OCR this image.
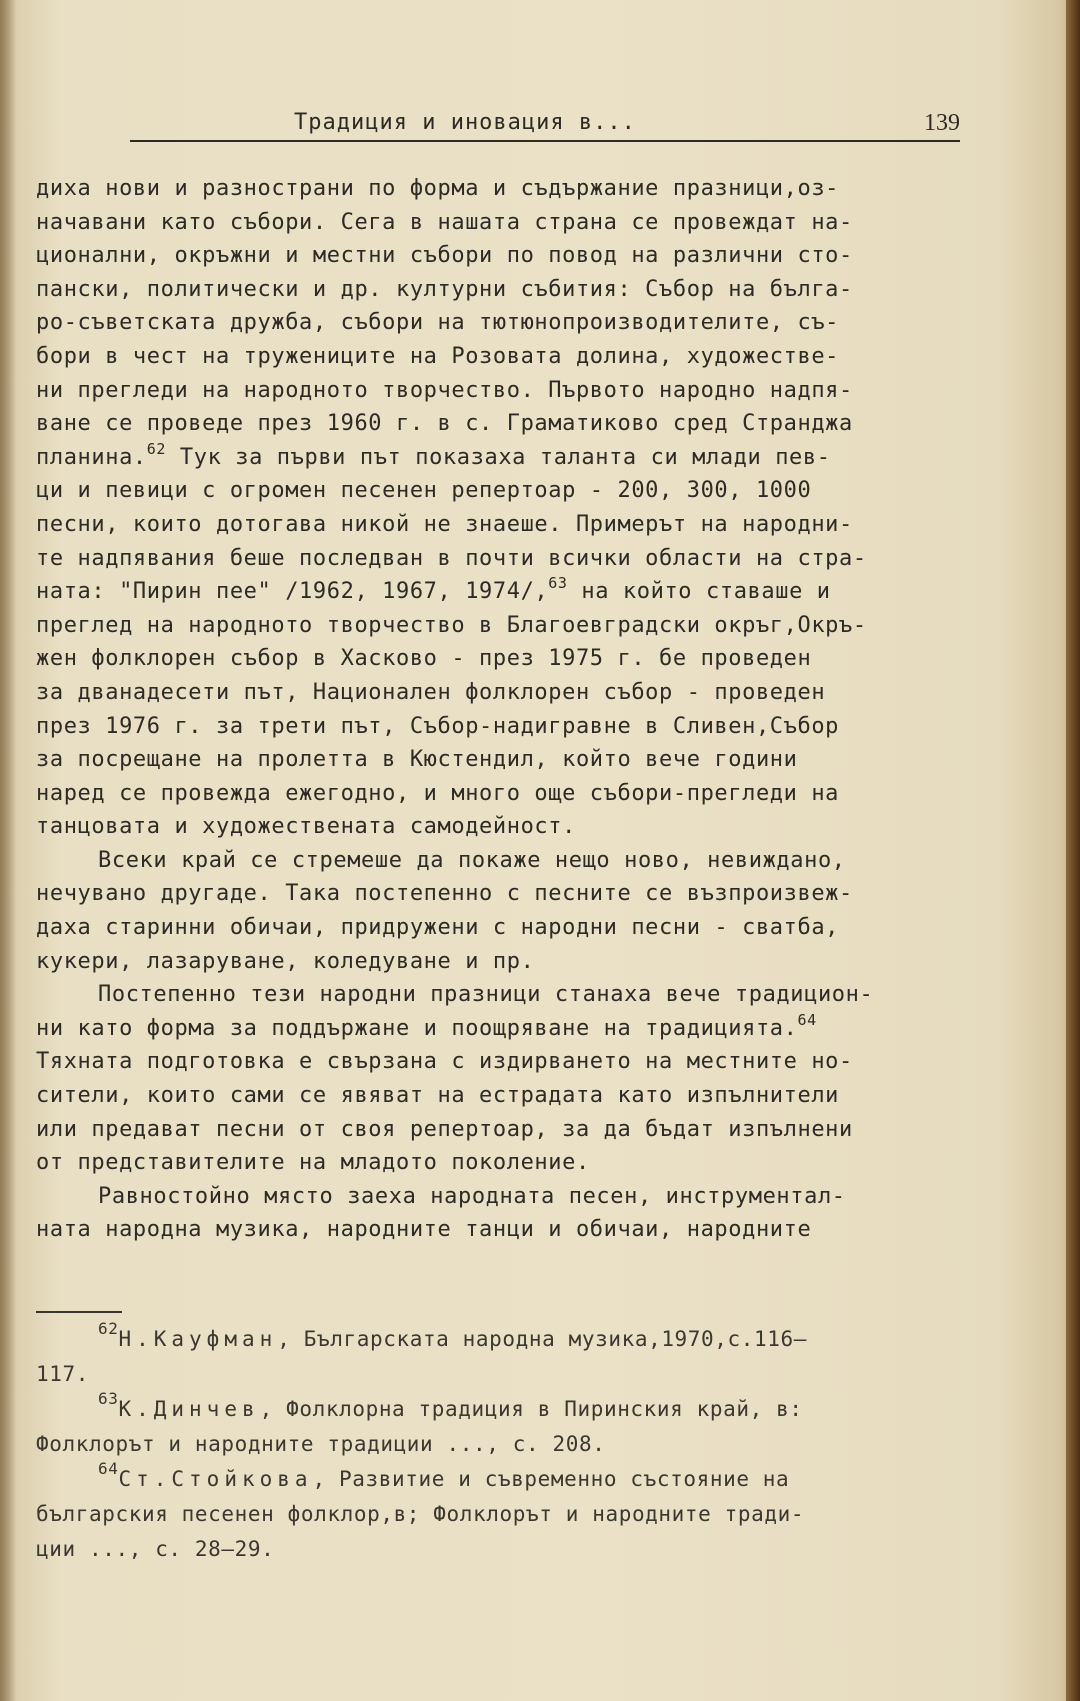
Традиция и иновация в...	139
дихa нови и разнострани по форма и съдържание празници,оз-
начавани като събори. Сега в нашата страна се провеждат на-
ционални, окръжни и местни събори по повод на различни сто-
пански, политически и др. културни събития: Събор на бълга-
ро-съветската дружба, събори на тютюнопроизводителите, съ-
бори в чест на тружениците на Розовата долина, художестве-
ни прегледи на народното творчество. Първото народно надпя-
ване се проведе през 1960 г. в с. Граматиково сред Странджа
планина.$^{62}$ Тук за първи път показаха таланта си млади пев-
ци и певици с огромен песенен репертоар - 200, 300, 1000
песни, които дотогава никой не знаеше. Примерът на народни-
те надпявания беше последван в почти всички области на стра-
ната: "Пирин пее" /1962, 1967, 1974/,$^{63}$ на който ставаше и
преглед на народното творчество в Благоевградски окръг,Окръ-
жен фолклорен събор в Хасково - през 1975 г. бе проведен
за дванадесети път, Национален фолклорен събор - проведен
през 1976 г. за трети път, Събор-надигравне в Сливен,Събор
за посрещане на пролетта в Кюстендил, който вече години
наред се провежда ежегодно, и много още събори-прегледи на
танцовата и художествената самодейност.
Всеки край се стремеше да покаже нещо ново, невиждано,
нечувано другаде. Така постепенно с песните се възпроизвеж-
даха старинни обичаи, придружени с народни песни - сватба,
кукери, лазаруване, коледуване и пр.
Постепенно тези народни празници станаха вече традицион-
ни като форма за поддържане и поощряване на традицията.$^{64}$
Тяхната подготовка е свързана с издирването на местните но-
сители, които сами се явяват на естрадата като изпълнители
или предават песни от своя репертоар, за да бъдат изпълнени
от представителите на младото поколение.
Равностойно място заеха народната песен, инструментал-
ната народна музика, народните танци и обичаи, народните
$^{62}$Н.Кауфман, Българската народна музика,1970,с.116—
117.
$^{63}$К.Динчев, Фолклорна традиция в Пиринския край, в:
Фолклорът и народните традиции ..., с. 208.
$^{64}$Ст.Стойкова, Развитие и съвременно състояние на
българския песенен фолклор,в; Фолклорът и народните тради-
ции ..., с. 28—29.
